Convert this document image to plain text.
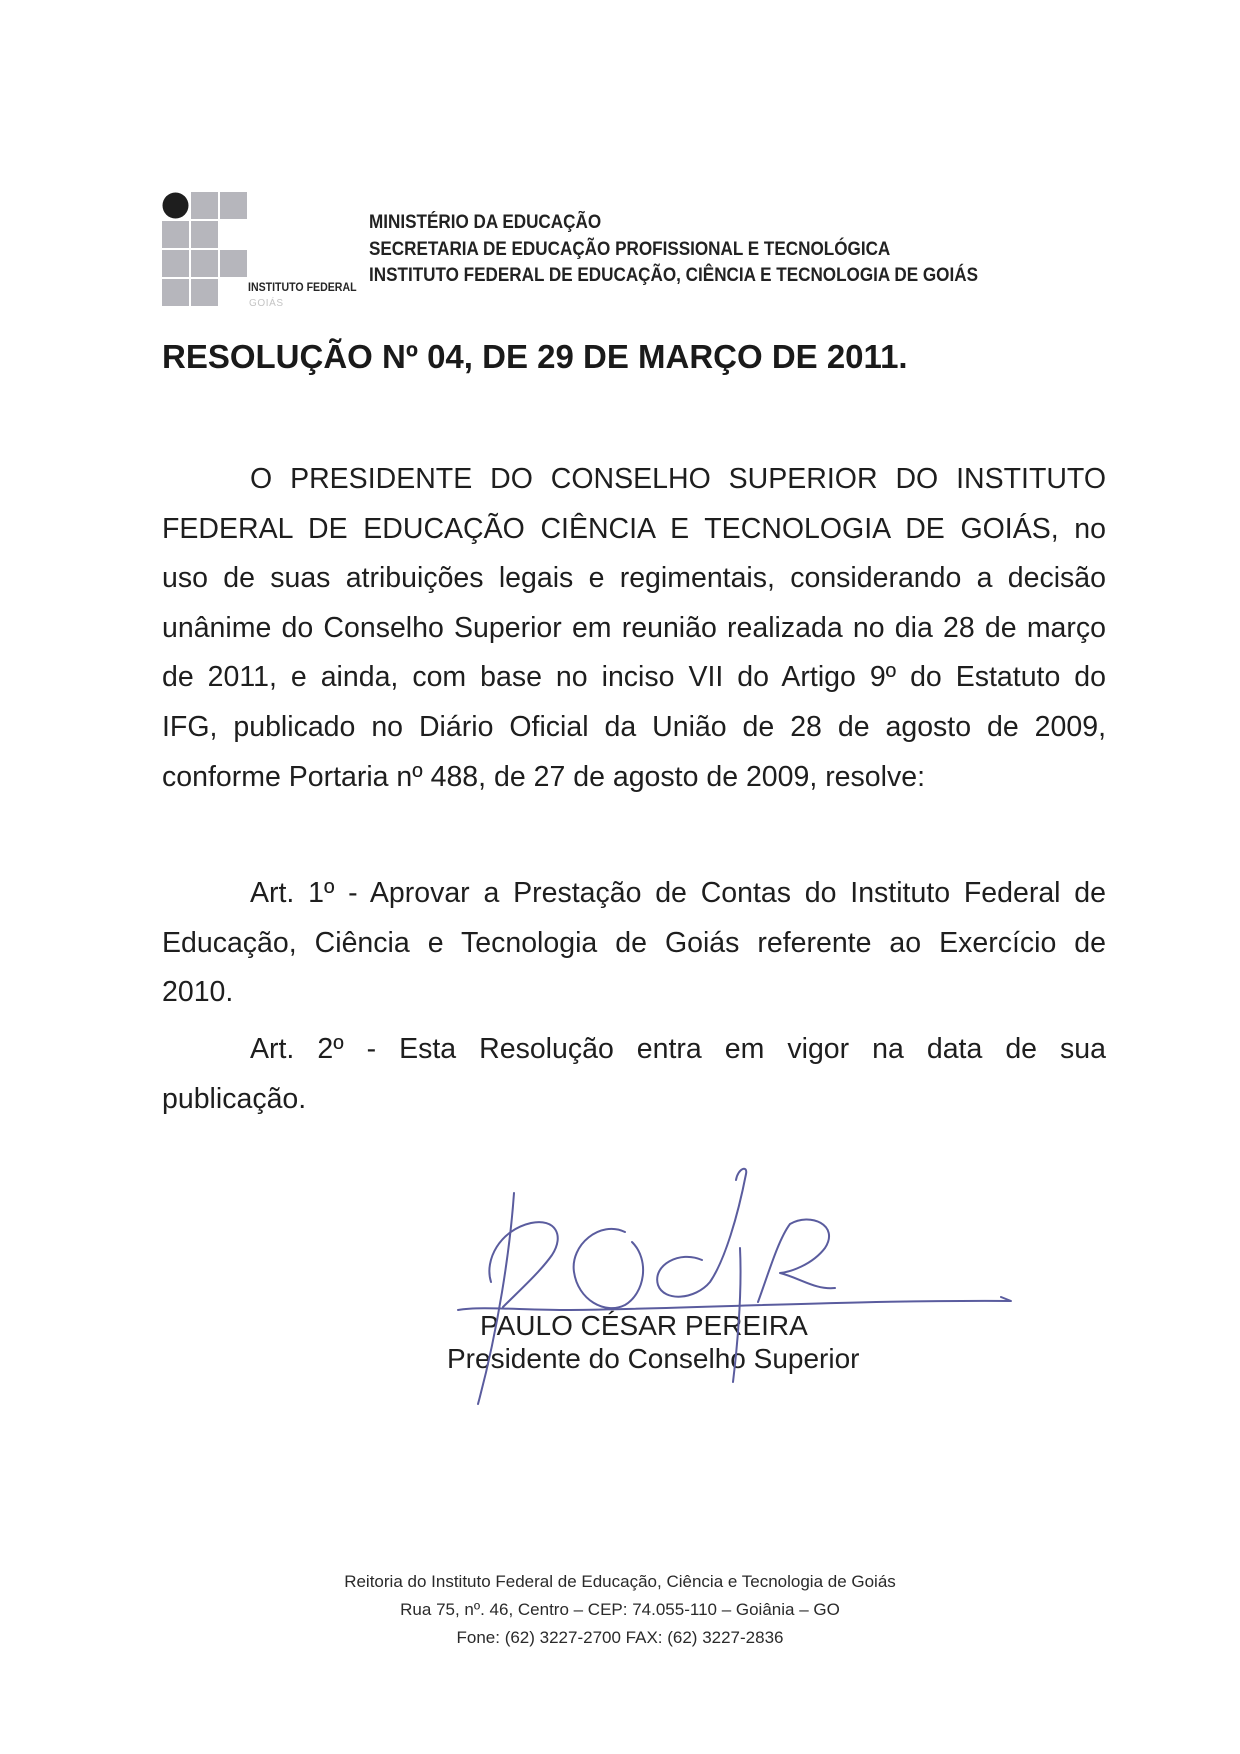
INSTITUTO FEDERAL
GOIÁS
MINISTÉRIO DA EDUCAÇÃO
SECRETARIA DE EDUCAÇÃO PROFISSIONAL E TECNOLÓGICA
INSTITUTO FEDERAL DE EDUCAÇÃO, CIÊNCIA E TECNOLOGIA DE GOIÁS
RESOLUÇÃO Nº 04, DE 29 DE MARÇO DE 2011.
O PRESIDENTE DO CONSELHO SUPERIOR DO INSTITUTO
FEDERAL DE EDUCAÇÃO CIÊNCIA E TECNOLOGIA DE GOIÁS, no
uso de suas atribuições legais e regimentais, considerando a decisão
unânime do Conselho Superior em reunião realizada no dia 28 de março
de 2011, e ainda, com base no inciso VII do Artigo 9º do Estatuto do
IFG, publicado no Diário Oficial da União de 28 de agosto de 2009,
conforme Portaria nº 488, de 27 de agosto de 2009, resolve:
Art. 1º - Aprovar a Prestação de Contas do Instituto Federal de
Educação, Ciência e Tecnologia de Goiás referente ao Exercício de
2010.
Art. 2º - Esta Resolução entra em vigor na data de sua
publicação.
PAULO CÉSAR PEREIRA
Presidente do Conselho Superior
Reitoria do Instituto Federal de Educação, Ciência e Tecnologia de Goiás
Rua 75, nº. 46, Centro – CEP: 74.055-110 – Goiânia – GO
Fone: (62) 3227-2700 FAX: (62) 3227-2836
